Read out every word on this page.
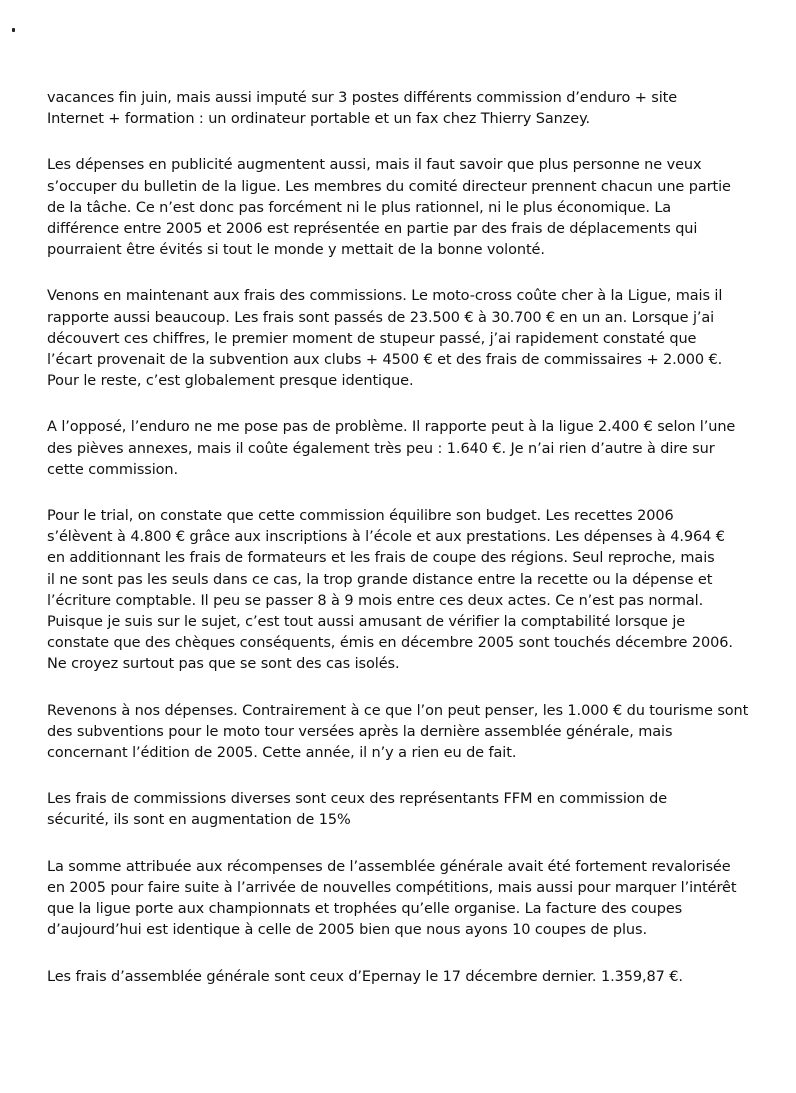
vacances fin juin, mais aussi imputé sur 3 postes différents commission d’enduro + site
Internet + formation : un ordinateur portable et un fax chez Thierry Sanzey.
Les dépenses en publicité augmentent aussi, mais il faut savoir que plus personne ne veux
s’occuper du bulletin de la ligue. Les membres du comité directeur prennent chacun une partie
de la tâche. Ce n’est donc pas forcément ni le plus rationnel, ni le plus économique. La
différence entre 2005 et 2006 est représentée en partie par des frais de déplacements qui
pourraient être évités si tout le monde y mettait de la bonne volonté.
Venons en maintenant aux frais des commissions. Le moto-cross coûte cher à la Ligue, mais il
rapporte aussi beaucoup. Les frais sont passés de 23.500 € à 30.700 € en un an. Lorsque j’ai
découvert ces chiffres, le premier moment de stupeur passé, j’ai rapidement constaté que
l’écart provenait de la subvention aux clubs + 4500 € et des frais de commissaires + 2.000 €.
Pour le reste, c’est globalement presque identique.
A l’opposé, l’enduro ne me pose pas de problème. Il rapporte peut à la ligue 2.400 € selon l’une
des pièves annexes, mais il coûte également très peu : 1.640 €. Je n’ai rien d’autre à dire sur
cette commission.
Pour le trial, on constate que cette commission équilibre son budget. Les recettes 2006
s’élèvent à 4.800 € grâce aux inscriptions à l’école et aux prestations. Les dépenses à 4.964 €
en additionnant les frais de formateurs et les frais de coupe des régions. Seul reproche, mais
il ne sont pas les seuls dans ce cas, la trop grande distance entre la recette ou la dépense et
l’écriture comptable. Il peu se passer 8 à 9 mois entre ces deux actes. Ce n’est pas normal.
Puisque je suis sur le sujet, c’est tout aussi amusant de vérifier la comptabilité lorsque je
constate que des chèques conséquents, émis en décembre 2005 sont touchés décembre 2006.
Ne croyez surtout pas que se sont des cas isolés.
Revenons à nos dépenses. Contrairement à ce que l’on peut penser, les 1.000 € du tourisme sont
des subventions pour le moto tour versées après la dernière assemblée générale, mais
concernant l’édition de 2005. Cette année, il n’y a rien eu de fait.
Les frais de commissions diverses sont ceux des représentants FFM en commission de
sécurité, ils sont en augmentation de 15%
La somme attribuée aux récompenses de l’assemblée générale avait été fortement revalorisée
en 2005 pour faire suite à l’arrivée de nouvelles compétitions, mais aussi pour marquer l’intérêt
que la ligue porte aux championnats et trophées qu’elle organise. La facture des coupes
d’aujourd’hui est identique à celle de 2005 bien que nous ayons 10 coupes de plus.
Les frais d’assemblée générale sont ceux d’Epernay le 17 décembre dernier. 1.359,87 €.
